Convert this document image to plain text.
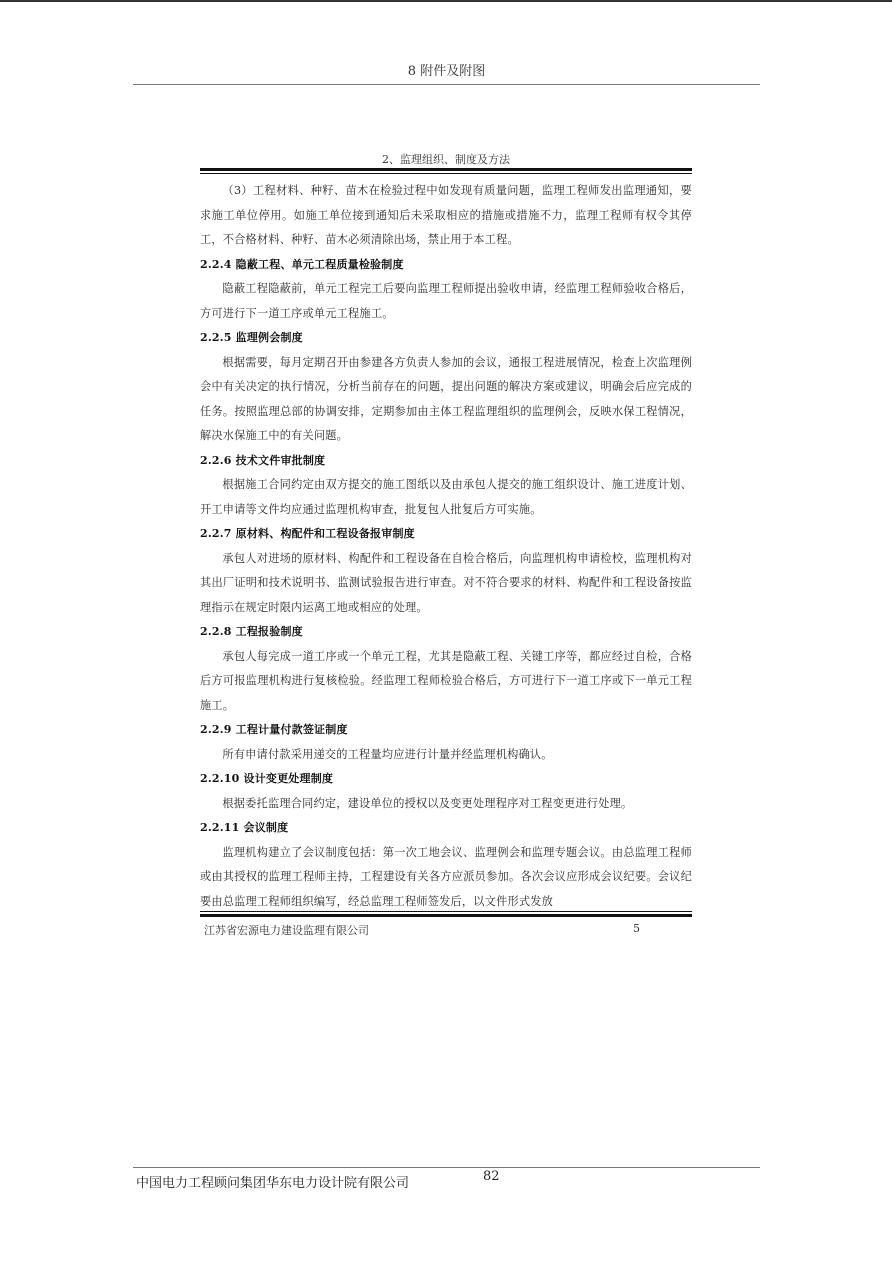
8 附件及附图
2、监理组织、制度及方法

（3）工程材料、种籽、苗木在检验过程中如发现有质量问题，监理工程师发出监理通知，要求施工单位停用。如施工单位接到通知后未采取相应的措施或措施不力，监理工程师有权令其停工，不合格材料、种籽、苗木必须清除出场，禁止用于本工程。

2.2.4 隐蔽工程、单元工程质量检验制度

隐蔽工程隐蔽前，单元工程完工后要向监理工程师提出验收申请，经监理工程师验收合格后，方可进行下一道工序或单元工程施工。

2.2.5 监理例会制度

根据需要，每月定期召开由参建各方负责人参加的会议，通报工程进展情况，检查上次监理例会中有关决定的执行情况，分析当前存在的问题，提出问题的解决方案或建议，明确会后应完成的任务。按照监理总部的协调安排，定期参加由主体工程监理组织的监理例会，反映水保工程情况，解决水保施工中的有关问题。

2.2.6 技术文件审批制度

根据施工合同约定由双方提交的施工图纸以及由承包人提交的施工组织设计、施工进度计划、开工申请等文件均应通过监理机构审查，批复包人批复后方可实施。

2.2.7 原材料、构配件和工程设备报审制度

承包人对进场的原材料、构配件和工程设备在自检合格后，向监理机构申请检校，监理机构对其出厂证明和技术说明书、监测试验报告进行审查。对不符合要求的材料、构配件和工程设备按监理指示在规定时限内运离工地或相应的处理。

2.2.8 工程报验制度

承包人每完成一道工序或一个单元工程，尤其是隐蔽工程、关键工序等，都应经过自检，合格后方可报监理机构进行复核检验。经监理工程师检验合格后，方可进行下一道工序或下一单元工程施工。

2.2.9 工程计量付款签证制度

所有申请付款采用递交的工程量均应进行计量并经监理机构确认。

2.2.10 设计变更处理制度

根据委托监理合同约定，建设单位的授权以及变更处理程序对工程变更进行处理。

2.2.11 会议制度

监理机构建立了会议制度包括：第一次工地会议、监理例会和监理专题会议。由总监理工程师或由其授权的监理工程师主持，工程建设有关各方应派员参加。各次会议应形成会议纪要。会议纪要由总监理工程师组织编写，经总监理工程师签发后，以文件形式发放

江苏省宏源电力建设监理有限公司	5
中国电力工程顾问集团华东电力设计院有限公司	82
